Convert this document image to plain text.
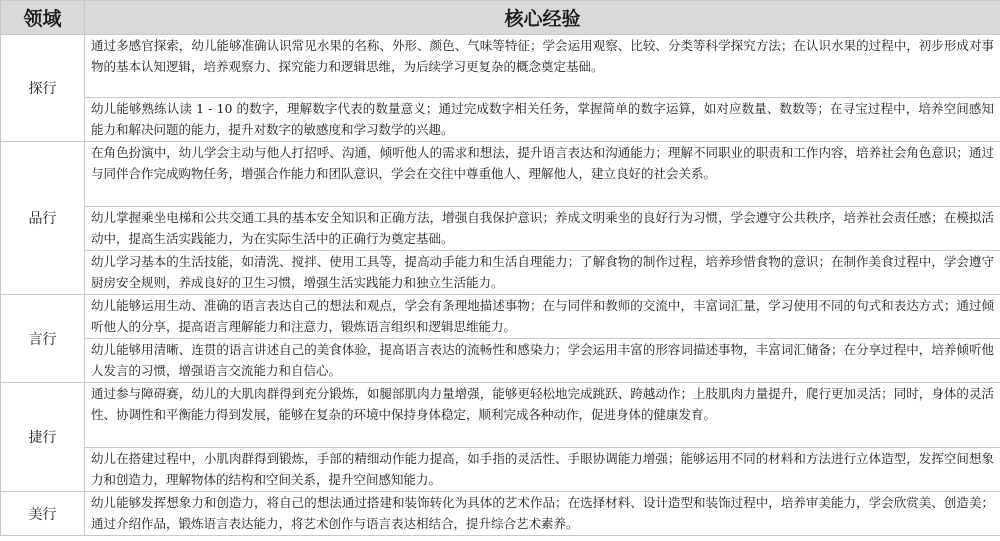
领域	核心经验
探行	通过多感官探索，幼儿能够准确认识常见水果的名称、外形、颜色、气味等特征；学会运用观察、比较、分类等科学探究方法；在认识水果的过程中，初步形成对事物的基本认知逻辑，培养观察力、探究能力和逻辑思维，为后续学习更复杂的概念奠定基础。
	幼儿能够熟练认读 1 - 10 的数字，理解数字代表的数量意义；通过完成数字相关任务，掌握简单的数字运算，如对应数量、数数等；在寻宝过程中，培养空间感知能力和解决问题的能力，提升对数字的敏感度和学习数学的兴趣。
品行	在角色扮演中，幼儿学会主动与他人打招呼、沟通，倾听他人的需求和想法，提升语言表达和沟通能力；理解不同职业的职责和工作内容，培养社会角色意识；通过与同伴合作完成购物任务，增强合作能力和团队意识，学会在交往中尊重他人、理解他人，建立良好的社会关系。
	幼儿掌握乘坐电梯和公共交通工具的基本安全知识和正确方法，增强自我保护意识；养成文明乘坐的良好行为习惯，学会遵守公共秩序，培养社会责任感；在模拟活动中，提高生活实践能力，为在实际生活中的正确行为奠定基础。
	幼儿学习基本的生活技能，如清洗、搅拌、使用工具等，提高动手能力和生活自理能力；了解食物的制作过程，培养珍惜食物的意识；在制作美食过程中，学会遵守厨房安全规则，养成良好的卫生习惯，增强生活实践能力和独立生活能力。
言行	幼儿能够运用生动、准确的语言表达自己的想法和观点，学会有条理地描述事物；在与同伴和教师的交流中，丰富词汇量，学习使用不同的句式和表达方式；通过倾听他人的分享，提高语言理解能力和注意力，锻炼语言组织和逻辑思维能力。
	幼儿能够用清晰、连贯的语言讲述自己的美食体验，提高语言表达的流畅性和感染力；学会运用丰富的形容词描述事物，丰富词汇储备；在分享过程中，培养倾听他人发言的习惯，增强语言交流能力和自信心。
捷行	通过参与障碍赛，幼儿的大肌肉群得到充分锻炼，如腿部肌肉力量增强，能够更轻松地完成跳跃、跨越动作；上肢肌肉力量提升，爬行更加灵活；同时，身体的灵活性、协调性和平衡能力得到发展，能够在复杂的环境中保持身体稳定，顺利完成各种动作，促进身体的健康发育。
	幼儿在搭建过程中，小肌肉群得到锻炼，手部的精细动作能力提高，如手指的灵活性、手眼协调能力增强；能够运用不同的材料和方法进行立体造型，发挥空间想象力和创造力，理解物体的结构和空间关系，提升空间感知能力。
美行	幼儿能够发挥想象力和创造力，将自己的想法通过搭建和装饰转化为具体的艺术作品；在选择材料、设计造型和装饰过程中，培养审美能力，学会欣赏美、创造美；通过介绍作品，锻炼语言表达能力，将艺术创作与语言表达相结合，提升综合艺术素养。
